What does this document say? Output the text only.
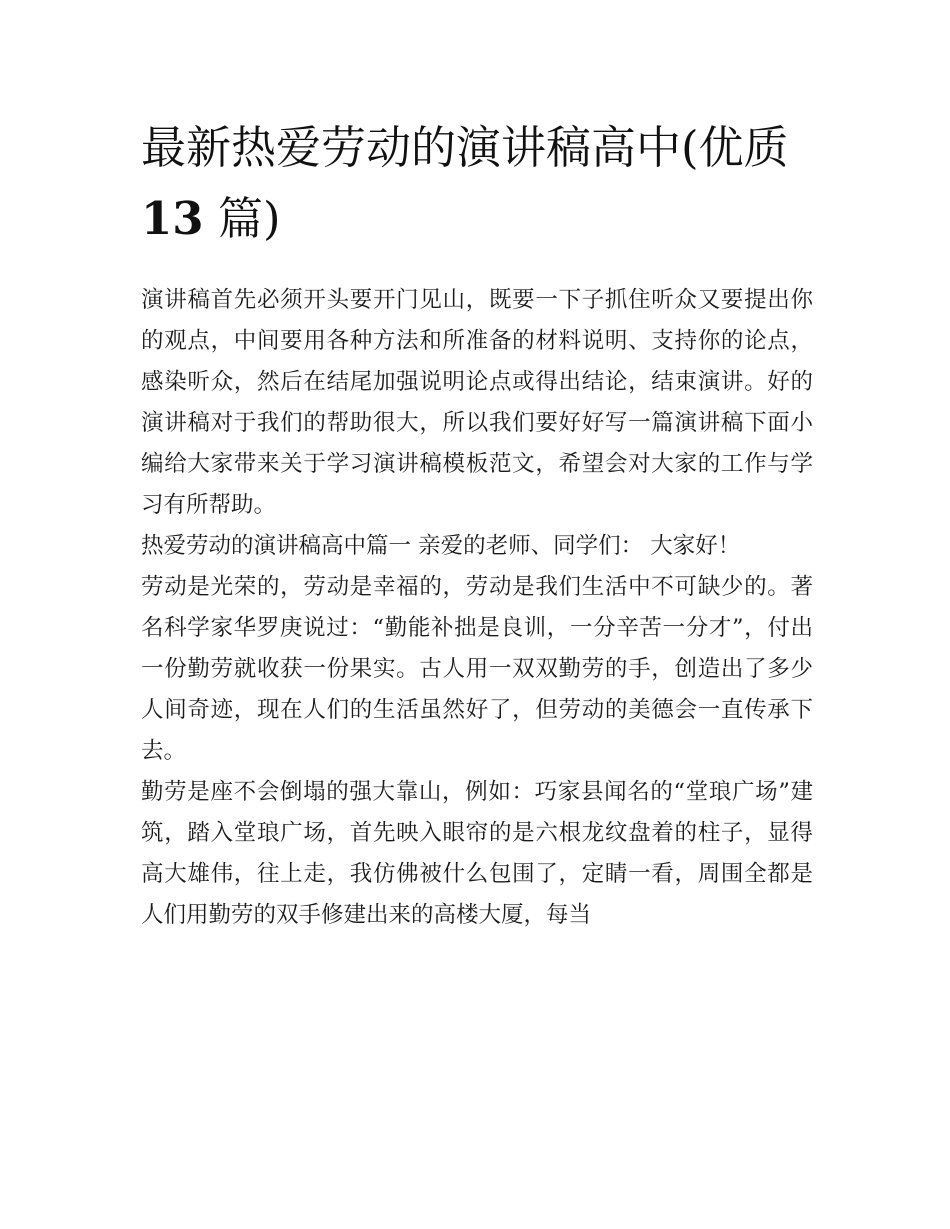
最新热爱劳动的演讲稿高中(优质
13 篇)

演讲稿首先必须开头要开门见山，既要一下子抓住听众又要提出你的观点，中间要用各种方法和所准备的材料说明、支持你的论点，感染听众，然后在结尾加强说明论点或得出结论，结束演讲。好的演讲稿对于我们的帮助很大，所以我们要好好写一篇演讲稿下面小编给大家带来关于学习演讲稿模板范文，希望会对大家的工作与学习有所帮助。

热爱劳动的演讲稿高中篇一 亲爱的老师、同学们： 大家好！

劳动是光荣的，劳动是幸福的，劳动是我们生活中不可缺少的。著名科学家华罗庚说过：“勤能补拙是良训，一分辛苦一分才”，付出一份勤劳就收获一份果实。古人用一双双勤劳的手，创造出了多少人间奇迹，现在人们的生活虽然好了，但劳动的美德会一直传承下去。

勤劳是座不会倒塌的强大靠山，例如：巧家县闻名的“堂琅广场”建筑，踏入堂琅广场，首先映入眼帘的是六根龙纹盘着的柱子，显得高大雄伟，往上走，我仿佛被什么包围了，定睛一看，周围全都是人们用勤劳的双手修建出来的高楼大厦，每当
